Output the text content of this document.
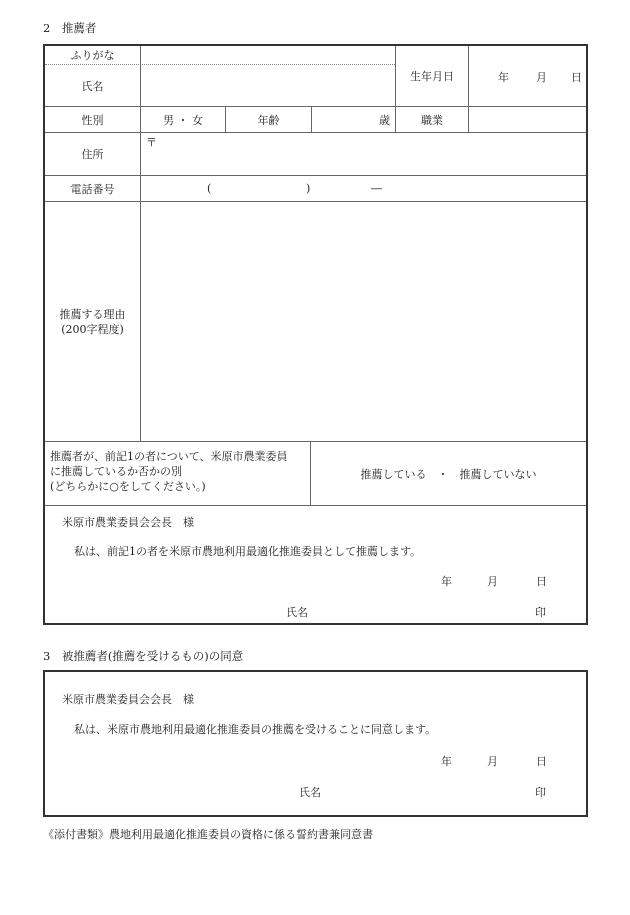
2　推薦者
ふりがな
氏名
生年月日	年 月 日
性別	男 ・ 女	年齢	歳	職業
住所
〒
電話番号	(	)	―
推薦する理由
(200字程度)
推薦者が、前記1の者について、米原市農業委員
に推薦しているか否かの別
(どちらかに○をしてください。)
推薦している　・　推薦していない
米原市農業委員会会長　様
私は、前記1の者を米原市農地利用最適化推進委員として推薦します。
年	月	日
氏名	印
3　被推薦者(推薦を受けるもの)の同意
米原市農業委員会会長　様
私は、米原市農地利用最適化推進委員の推薦を受けることに同意します。
年	月	日
氏名	印
《添付書類》農地利用最適化推進委員の資格に係る誓約書兼同意書
